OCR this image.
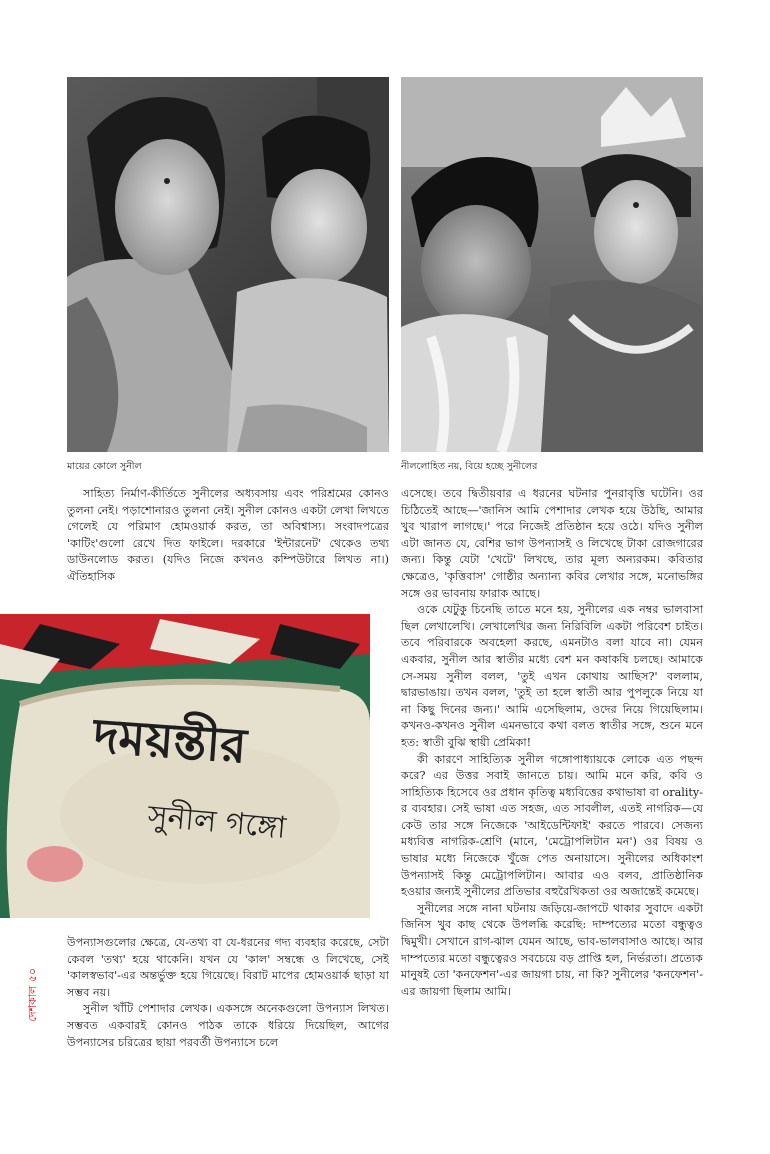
মায়ের কোলে সুনীল	নীললোহিত নয়, বিয়ে হচ্ছে সুনীলের
দময়ন্তীর
সুনীল গঙ্গো

সাহিত্য নির্মাণ-কীর্তিতে সুনীলের অধ্যবসায় এবং পরিশ্রমের কোনও তুলনা নেই। পড়াশোনারও তুলনা নেই। সুনীল কোনও একটা লেখা লিখতে গেলেই যে পরিমাণ হোমওয়ার্ক করত, তা অবিশ্বাস্য। সংবাদপত্রের 'কাটিং'গুলো রেখে দিত ফাইলে। দরকারে 'ইন্টারনেট' থেকেও তথ্য ডাউনলোড করত। (যদিও নিজে কখনও কম্পিউটারে লিখত না।) ঐতিহাসিক

উপন্যাসগুলোর ক্ষেত্রে, যে-তথ্য বা যে-ধরনের গদ্য ব্যবহার করেছে, সেটা কেবল 'তথ্য' হয়ে থাকেনি। যখন যে 'কাল' সম্বন্ধে ও লিখেছে, সেই 'কালস্বভাব'-এর অন্তর্ভুক্ত হয়ে গিয়েছে। বিরাট মাপের হোমওয়ার্ক ছাড়া যা সম্ভব নয়।

সুনীল খাঁটি পেশাদার লেখক। একসঙ্গে অনেকগুলো উপন্যাস লিখত। সম্ভবত একবারই কোনও পাঠক তাকে ধরিয়ে দিয়েছিল, আগের উপন্যাসের চরিত্রের ছায়া পরবর্তী উপন্যাসে চলে

এসেছে। তবে দ্বিতীয়বার এ ধরনের ঘটনার পুনরাবৃত্তি ঘটেনি। ওর চিঠিতেই আছে—'জানিস আমি পেশাদার লেখক হয়ে উঠছি, আমার খুব খারাপ লাগছে।' পরে নিজেই প্রতিষ্ঠান হয়ে ওঠে। যদিও সুনীল এটা জানত যে, বেশির ভাগ উপন্যাসই ও লিখেছে টাকা রোজগারের জন্য। কিন্তু যেটা 'খেটে' লিখছে, তার মূল্য অন্যরকম। কবিতার ক্ষেত্রেও, 'কৃত্তিবাস' গোষ্ঠীর অন্যান্য কবির লেখার সঙ্গে, মনোভঙ্গির সঙ্গে ওর ভাবনায় ফারাক আছে।

ওকে যেটুকু চিনেছি তাতে মনে হয়, সুনীলের এক নম্বর ভালবাসা ছিল লেখালেখি। লেখালেখির জন্য নিরিবিলি একটা পরিবেশ চাইত। তবে পরিবারকে অবহেলা করছে, এমনটাও বলা যাবে না। যেমন একবার, সুনীল আর স্বাতীর মধ্যে বেশ মন কষাকষি চলছে। আমাকে সে-সময় সুনীল বলল, 'তুই এখন কোথায় আছিস?' বললাম, দ্বারভাঙায়। তখন বলল, 'তুই তা হলে স্বাতী আর পুপলুকে নিয়ে যা না কিছু দিনের জন্য।' আমি এসেছিলাম, ওদের নিয়ে গিয়েছিলাম। কখনও-কখনও সুনীল এমনভাবে কথা বলত স্বাতীর সঙ্গে, শুনে মনে হত: স্বাতী বুঝি স্থায়ী প্রেমিকা!

কী কারণে সাহিত্যিক সুনীল গঙ্গোপাধ্যায়কে লোকে এত পছন্দ করে? এর উত্তর সবাই জানতে চায়। আমি মনে করি, কবি ও সাহিত্যিক হিসেবে ওর প্রধান কৃতিত্ব মধ্যবিত্তের কথাভাষা বা orality-র ব্যবহার। সেই ভাষা এত সহজ, এত সাবলীল, এতই নাগরিক—যে কেউ তার সঙ্গে নিজেকে 'আইডেন্টিফাই' করতে পারবে। সেজন্য মধ্যবিত্ত নাগরিক-শ্রেণি (মানে, 'মেট্রোপলিটান মন') ওর বিষয় ও ভাষার মধ্যে নিজেকে খুঁজে পেত অনায়াসে। সুনীলের অধিকাংশ উপন্যাসই কিন্তু মেট্রোপলিটান। আবার এও বলব, প্রাতিষ্ঠানিক হওয়ার জন্যই সুনীলের প্রতিভার বহুরৈখিকতা ওর অজান্তেই কমেছে।

সুনীলের সঙ্গে নানা ঘটনায় জড়িয়ে-জাপটে থাকার সুবাদে একটা জিনিস খুব কাছ থেকে উপলব্ধি করেছি: দাম্পত্যের মতো বন্ধুত্বও দ্বিমুখী। সেখানে রাগ-ঝাল যেমন আছে, ভাব-ভালবাসাও আছে। আর দাম্পত্যের মতো বন্ধুত্বেরও সবচেয়ে বড় প্রাপ্তি হল, নির্ভরতা। প্রত্যেক মানুষই তো 'কনফেশন'-এর জায়গা চায়, না কি? সুনীলের 'কনফেশন'-এর জায়গা ছিলাম আমি।

দেশকাল ৫০
